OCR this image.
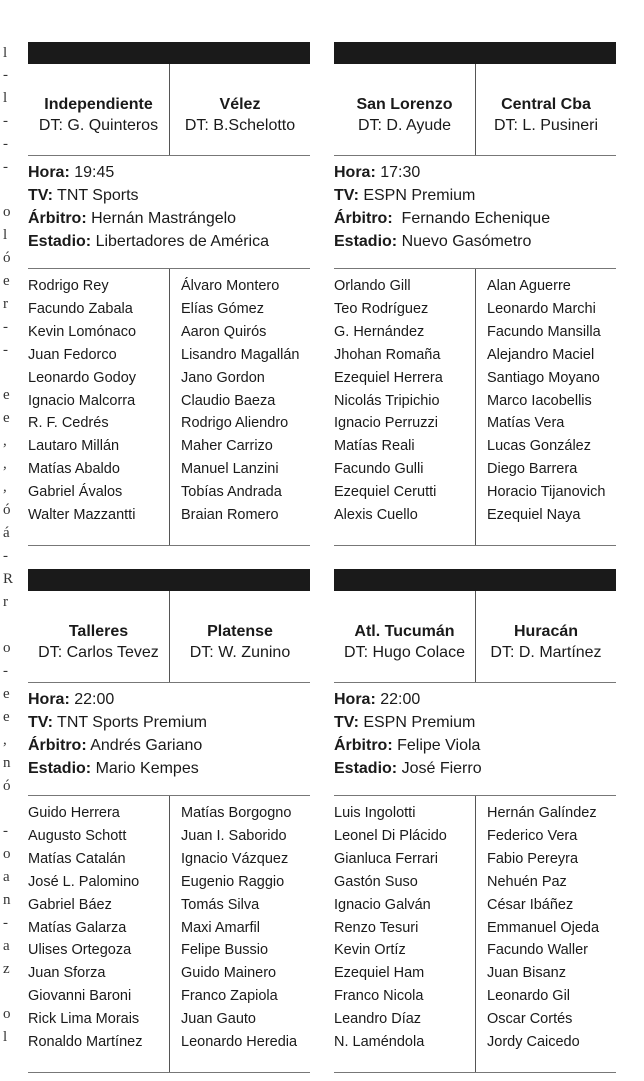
l
-
l
-
-
-
o
l
ó
e
r
-
-
e
e
,
,
,
ó
á
-
R
r
o
-
e
e
,
n
ó
-
o
a
n
-
a
z
o
l
Independiente
DT: G. Quinteros
Vélez
DT: B.Schelotto
Hora: 19:45
TV: TNT Sports
Árbitro: Hernán Mastrángelo
Estadio: Libertadores de América
Rodrigo Rey
Facundo Zabala
Kevin Lomónaco
Juan Fedorco
Leonardo Godoy
Ignacio Malcorra
R. F. Cedrés
Lautaro Millán
Matías Abaldo
Gabriel Ávalos
Walter Mazzantti
Álvaro Montero
Elías Gómez
Aaron Quirós
Lisandro Magallán
Jano Gordon
Claudio Baeza
Rodrigo Aliendro
Maher Carrizo
Manuel Lanzini
Tobías Andrada
Braian Romero
San Lorenzo
DT: D. Ayude
Central Cba
DT: L. Pusineri
Hora: 17:30
TV: ESPN Premium
Árbitro:  Fernando Echenique
Estadio: Nuevo Gasómetro
Orlando Gill
Teo Rodríguez
G. Hernández
Jhohan Romaña
Ezequiel Herrera
Nicolás Tripichio
Ignacio Perruzzi
Matías Reali
Facundo Gulli
Ezequiel Cerutti
Alexis Cuello
Alan Aguerre
Leonardo Marchi
Facundo Mansilla
Alejandro Maciel
Santiago Moyano
Marco Iacobellis
Matías Vera
Lucas González
Diego Barrera
Horacio Tijanovich
Ezequiel Naya
Talleres
DT: Carlos Tevez
Platense
DT: W. Zunino
Hora: 22:00
TV: TNT Sports Premium
Árbitro: Andrés Gariano
Estadio: Mario Kempes
Guido Herrera
Augusto Schott
Matías Catalán
José L. Palomino
Gabriel Báez
Matías Galarza
Ulises Ortegoza
Juan Sforza
Giovanni Baroni
Rick Lima Morais
Ronaldo Martínez
Matías Borgogno
Juan I. Saborido
Ignacio Vázquez
Eugenio Raggio
Tomás Silva
Maxi Amarfil
Felipe Bussio
Guido Mainero
Franco Zapiola
Juan Gauto
Leonardo Heredia
Atl. Tucumán
DT: Hugo Colace
Huracán
DT: D. Martínez
Hora: 22:00
TV: ESPN Premium
Árbitro: Felipe Viola
Estadio: José Fierro
Luis Ingolotti
Leonel Di Plácido
Gianluca Ferrari
Gastón Suso
Ignacio Galván
Renzo Tesuri
Kevin Ortíz
Ezequiel Ham
Franco Nicola
Leandro Díaz
N. Laméndola
Hernán Galíndez
Federico Vera
Fabio Pereyra
Nehuén Paz
César Ibáñez
Emmanuel Ojeda
Facundo Waller
Juan Bisanz
Leonardo Gil
Oscar Cortés
Jordy Caicedo
